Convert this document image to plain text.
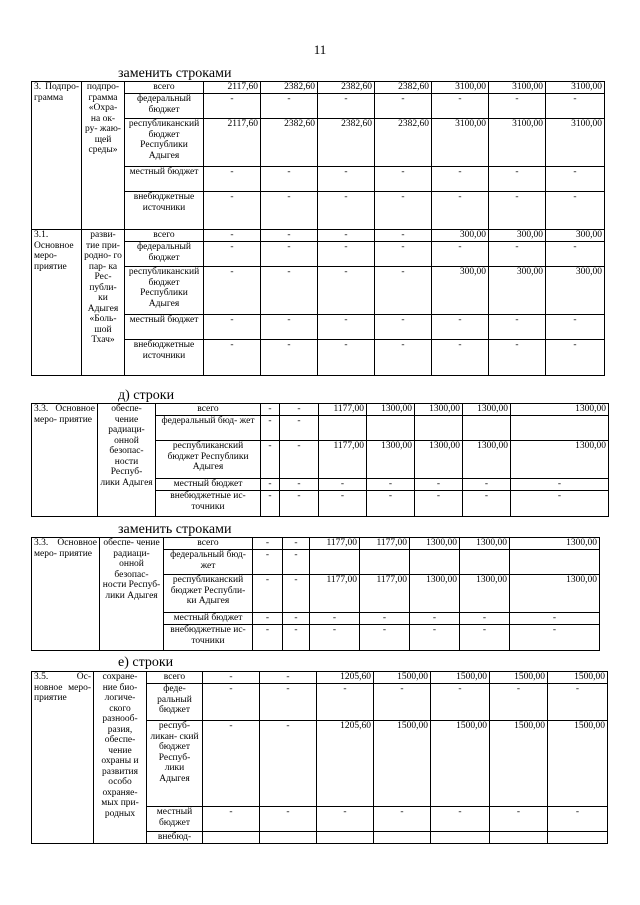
11
заменить строками
3. Подпро- грамма	подпро- грамма «Охра- на ок- ру- жаю- щей среды»	всего	2117,60	2382,60	2382,60	2382,60	3100,00	3100,00	3100,00
		федеральный бюджет	-	-	-	-	-	-	-
		республиканский бюджет Республики Адыгея	2117,60	2382,60	2382,60	2382,60	3100,00	3100,00	3100,00
		местный бюджет	-	-	-	-	-	-	-
		внебюджетные источники	-	-	-	-	-	-	-
3.1. Основное меро- приятие	разви- тие при- родно- го пар- ка Рес- публи- ки Адыгея «Боль- шой Тхач»	всего	-	-	-	-	300,00	300,00	300,00
		федеральный бюджет	-	-	-	-	-	-	-
		республиканский бюджет Республики Адыгея	-	-	-	-	300,00	300,00	300,00
		местный бюджет	-	-	-	-	-	-	-
		внебюджетные источники	-	-	-	-	-	-	-
д) строки
3.3. Основное меро- приятие	обеспе- чение радиаци- онной безопас- ности Респуб- лики Адыгея	всего	-	-	1177,00	1300,00	1300,00	1300,00	1300,00
		федеральный бюд- жет	-	-					
		республиканский бюджет Республики Адыгея	-	-	1177,00	1300,00	1300,00	1300,00	1300,00
		местный бюджет	-	-	-	-	-	-	-
		внебюджетные ис- точники	-	-	-	-	-	-	-
заменить строками
3.3. Основное меро- приятие	обеспе- чение радиаци- онной безопас- ности Респуб- лики Адыгея	всего	-	-	1177,00	1177,00	1300,00	1300,00	1300,00
		федеральный бюд- жет	-	-					
		республиканский бюджет Республи- ки Адыгея	-	-	1177,00	1177,00	1300,00	1300,00	1300,00
		местный бюджет	-	-	-	-	-	-	-
		внебюджетные ис- точники	-	-	-	-	-	-	-
е) строки
3.5. Ос- новное меро- приятие	сохране- ние био- логиче- ского разнооб- разия, обеспе- чение охраны и развития особо охраняе- мых при- родных	всего	-	-	1205,60	1500,00	1500,00	1500,00	1500,00
		феде- ральный бюджет	-	-	-	-	-	-	-
		респуб- ликан- ский бюджет Респуб- лики Адыгея	-	-	1205,60	1500,00	1500,00	1500,00	1500,00
		местный бюджет	-	-	-	-	-	-	-
		внебюд-							
